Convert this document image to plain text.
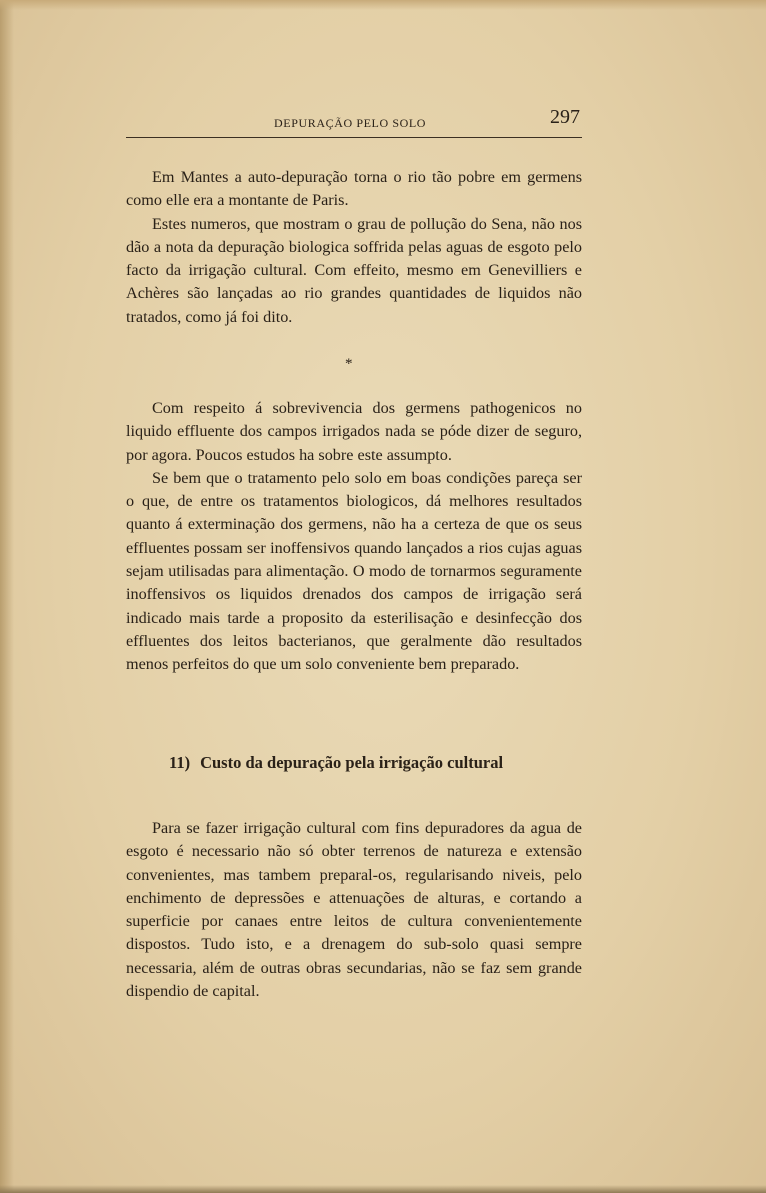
DEPURAÇÃO PELO SOLO	297

Em Mantes a auto-depuração torna o rio tão pobre em germens como elle era a montante de Paris.

Estes numeros, que mostram o grau de pollução do Sena, não nos dão a nota da depuração biologica soffrida pelas aguas de esgoto pelo facto da irrigação cultural. Com effeito, mesmo em Genevilliers e Achères são lançadas ao rio grandes quantidades de liquidos não tratados, como já foi dito.

*

Com respeito á sobrevivencia dos germens pathogenicos no liquido effluente dos campos irrigados nada se póde dizer de seguro, por agora. Poucos estudos ha sobre este assumpto.

Se bem que o tratamento pelo solo em boas condições pareça ser o que, de entre os tratamentos biologicos, dá melhores resultados quanto á exterminação dos germens, não ha a certeza de que os seus effluentes possam ser inoffensivos quando lançados a rios cujas aguas sejam utilisadas para alimentação. O modo de tornarmos seguramente inoffensivos os liquidos drenados dos campos de irrigação será indicado mais tarde a proposito da esterilisação e desinfecção dos effluentes dos leitos bacterianos, que geralmente dão resultados menos perfeitos do que um solo conveniente bem preparado.

11) Custo da depuração pela irrigação cultural

Para se fazer irrigação cultural com fins depuradores da agua de esgoto é necessario não só obter terrenos de natureza e extensão convenientes, mas tambem preparal-os, regularisando niveis, pelo enchimento de depressões e attenuações de alturas, e cortando a superficie por canaes entre leitos de cultura convenientemente dispostos. Tudo isto, e a drenagem do sub-solo quasi sempre necessaria, além de outras obras secundarias, não se faz sem grande dispendio de capital.
